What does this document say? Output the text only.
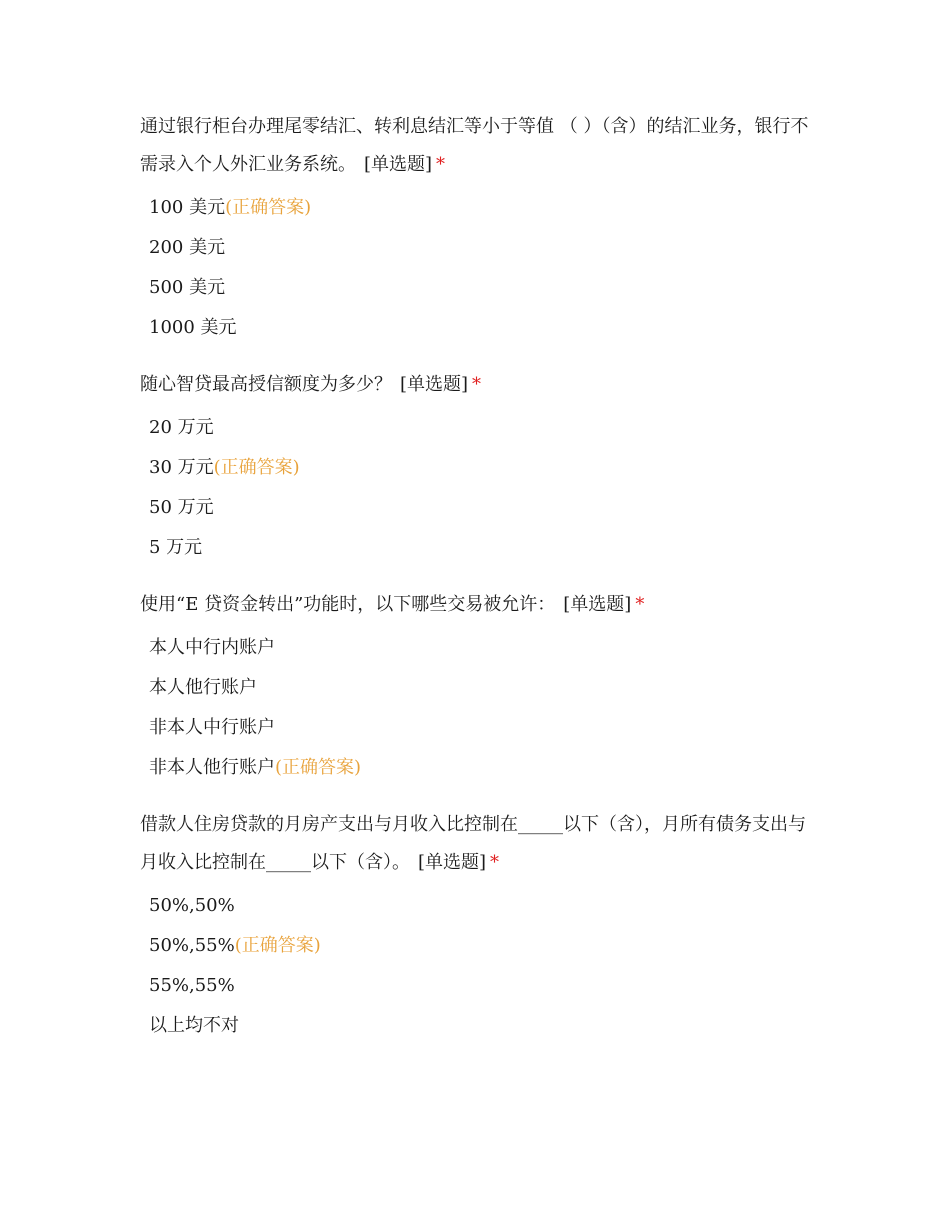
通过银行柜台办理尾零结汇、转利息结汇等小于等值 （ ）（含）的结汇业务，银行不需录入个人外汇业务系统。 [单选题] *

100 美元(正确答案)
200 美元
500 美元
1000 美元

随心智贷最高授信额度为多少？ [单选题] *

20 万元
30 万元(正确答案)
50 万元
5 万元

使用“E 贷资金转出”功能时，以下哪些交易被允许： [单选题] *

本人中行内账户
本人他行账户
非本人中行账户
非本人他行账户(正确答案)

借款人住房贷款的月房产支出与月收入比控制在_____以下（含），月所有债务支出与月收入比控制在_____以下（含）。 [单选题] *

50%,50%
50%,55%(正确答案)
55%,55%
以上均不对
